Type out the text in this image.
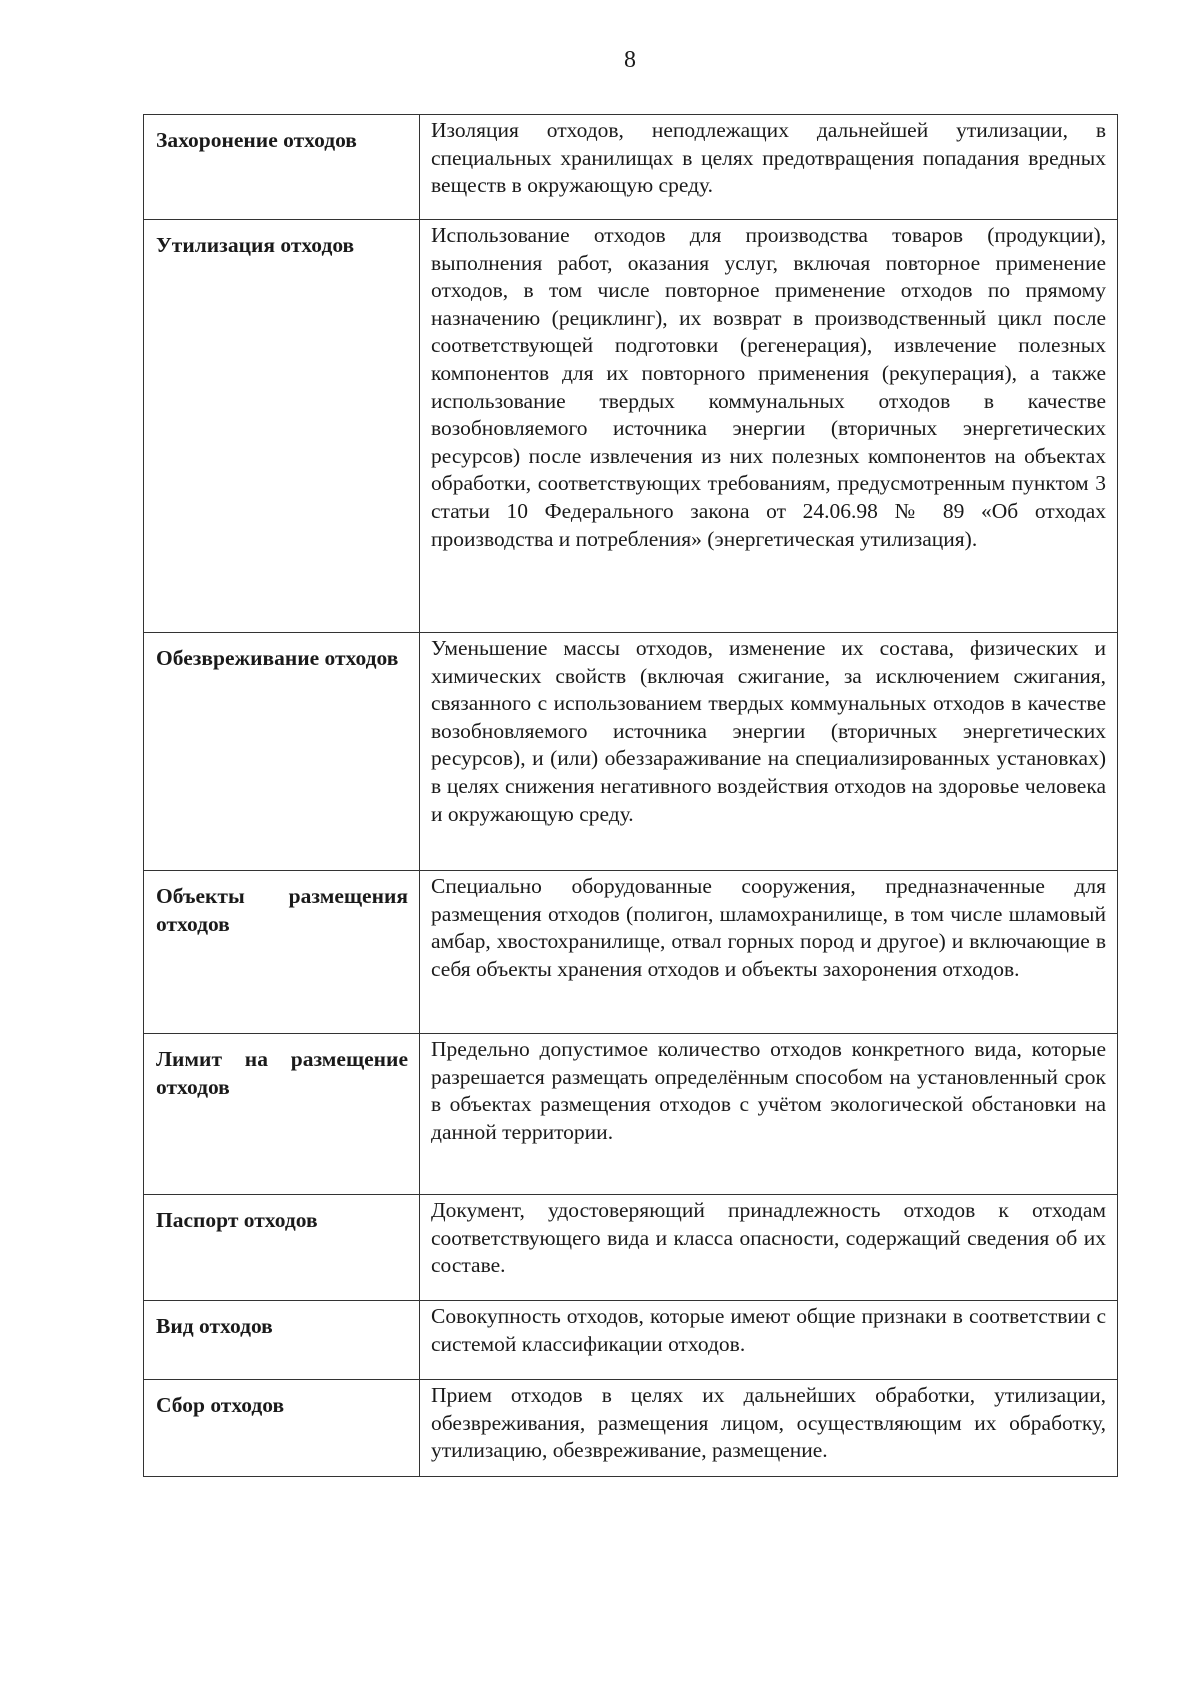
8
Захоронение отходов	Изоляция отходов, неподлежащих дальнейшей утилизации, в специальных хранилищах в целях предотвращения попадания вредных веществ в окружающую среду.
Утилизация отходов	Использование отходов для производства товаров (продукции), выполнения работ, оказания услуг, включая повторное применение отходов, в том числе повторное применение отходов по прямому назначению (рециклинг), их возврат в производственный цикл после соответствующей подготовки (регенерация), извлечение полезных компонентов для их повторного применения (рекуперация), а также использование твердых коммунальных отходов в качестве возобновляемого источника энергии (вторичных энергетических ресурсов) после извлечения из них полезных компонентов на объектах обработки, соответствующих требованиям, предусмотренным пунктом 3 статьи 10 Федерального закона от 24.06.98 № 89 «Об отходах производства и потребления» (энергетическая утилизация).
Обезвреживание отходов	Уменьшение массы отходов, изменение их состава, физических и химических свойств (включая сжигание, за исключением сжигания, связанного с использованием твердых коммунальных отходов в качестве возобновляемого источника энергии (вторичных энергетических ресурсов), и (или) обеззараживание на специализированных установках) в целях снижения негативного воздействия отходов на здоровье человека и окружающую среду.
Объекты размещения отходов	Специально оборудованные сооружения, предназначенные для размещения отходов (полигон, шламохранилище, в том числе шламовый амбар, хвостохранилище, отвал горных пород и другое) и включающие в себя объекты хранения отходов и объекты захоронения отходов.
Лимит на размещение отходов	Предельно допустимое количество отходов конкретного вида, которые разрешается размещать определённым способом на установленный срок в объектах размещения отходов с учётом экологической обстановки на данной территории.
Паспорт отходов	Документ, удостоверяющий принадлежность отходов к отходам соответствующего вида и класса опасности, содержащий сведения об их составе.
Вид отходов	Совокупность отходов, которые имеют общие признаки в соответствии с системой классификации отходов.
Сбор отходов	Прием отходов в целях их дальнейших обработки, утилизации, обезвреживания, размещения лицом, осуществляющим их обработку, утилизацию, обезвреживание, размещение.
